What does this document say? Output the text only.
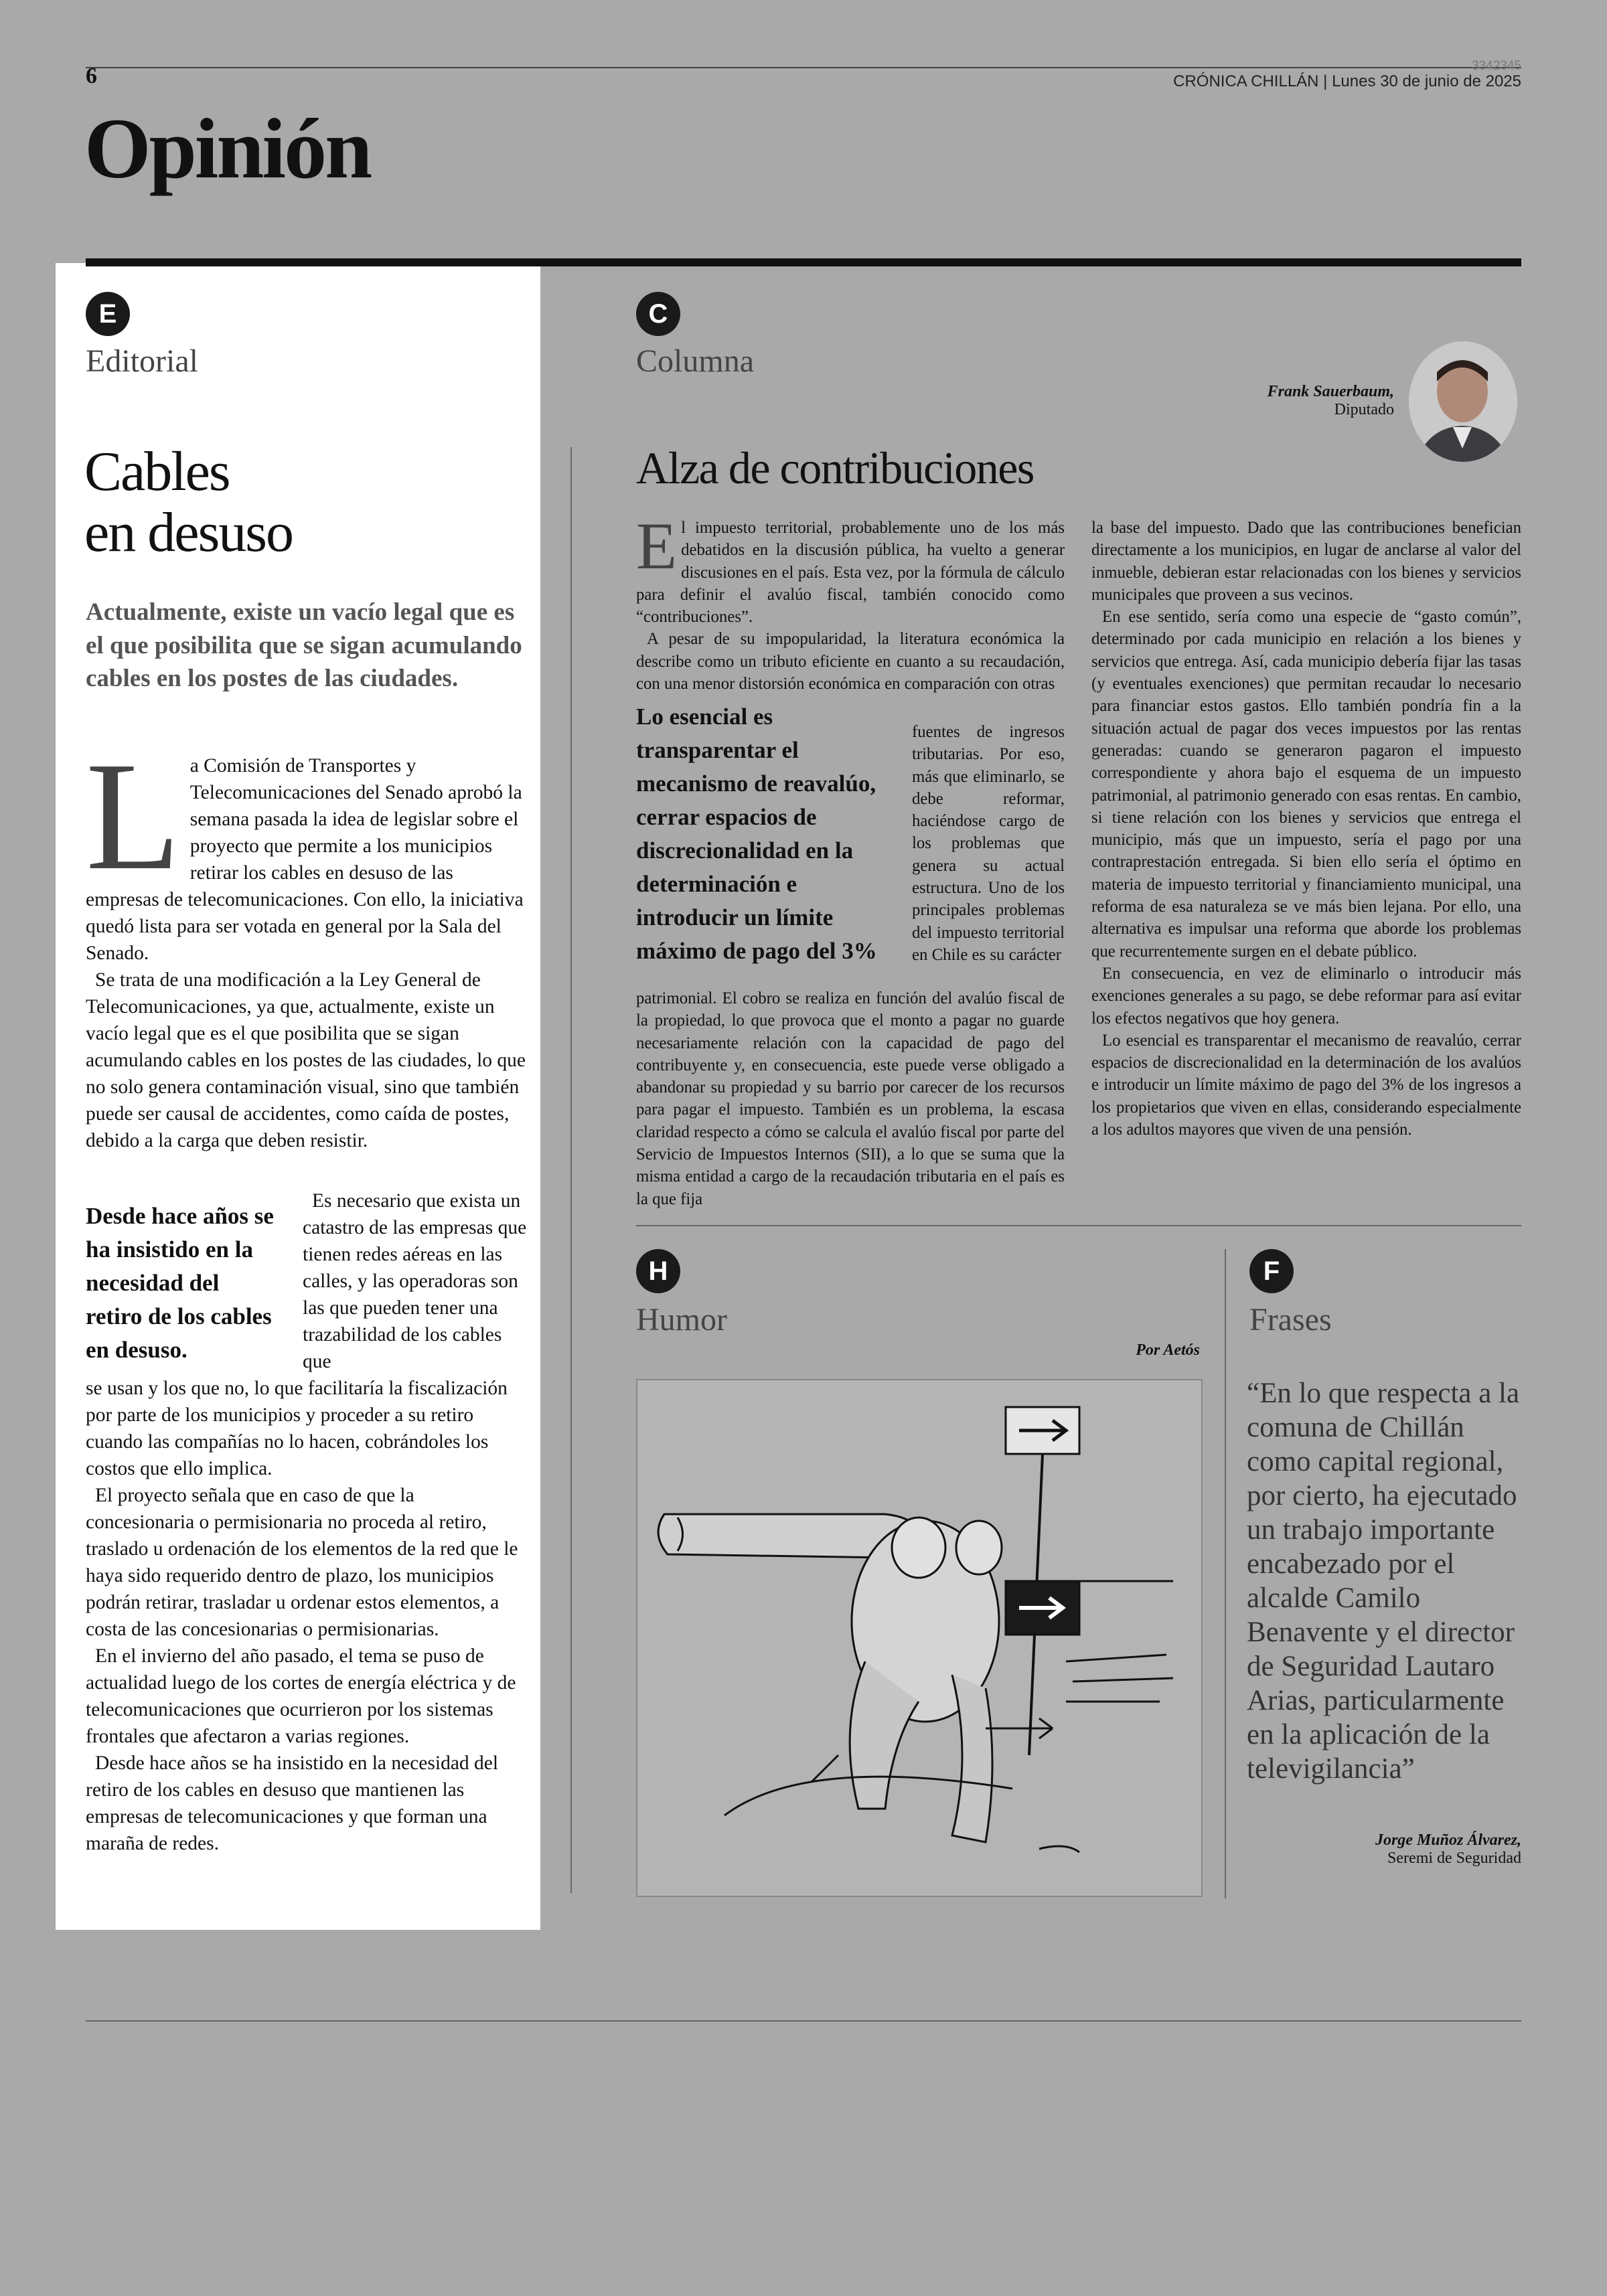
6	3342345
CRÓNICA CHILLÁN | Lunes 30 de junio de 2025
Opinión
E
Editorial
Cables
en desuso
Actualmente, existe un vacío legal que es el que posibilita que se sigan acumulando cables en los postes de las ciudades.
L a Comisión de Transportes y Telecomunicaciones del Senado aprobó la semana pasada la idea de legislar sobre el proyecto que permite a los municipios retirar los cables en desuso de las empresas de telecomunicaciones. Con ello, la iniciativa quedó lista para ser votada en general por la Sala del Senado.

Se trata de una modificación a la Ley General de Telecomunicaciones, ya que, actualmente, existe un vacío legal que es el que posibilita que se sigan acumulando cables en los postes de las ciudades, lo que no solo genera contaminación visual, sino que también puede ser causal de accidentes, como caída de postes, debido a la carga que deben resistir.

Desde hace años se ha insistido en la necesidad del retiro de los cables en desuso.

Es necesario que exista un catastro de las empresas que tienen redes aéreas en las calles, y las operadoras son las que pueden tener una trazabilidad de los cables que

se usan y los que no, lo que facilitaría la fiscalización por parte de los municipios y proceder a su retiro cuando las compañías no lo hacen, cobrándoles los costos que ello implica.

El proyecto señala que en caso de que la concesionaria o permisionaria no proceda al retiro, traslado u ordenación de los elementos de la red que le haya sido requerido dentro de plazo, los municipios podrán retirar, trasladar u ordenar estos elementos, a costa de las concesionarias o permisionarias.

En el invierno del año pasado, el tema se puso de actualidad luego de los cortes de energía eléctrica y de telecomunicaciones que ocurrieron por los sistemas frontales que afectaron a varias regiones.

Desde hace años se ha insistido en la necesidad del retiro de los cables en desuso que mantienen las empresas de telecomunicaciones y que forman una maraña de redes.

C
Columna
Frank Sauerbaum,
Diputado
Alza de contribuciones
E l impuesto territorial, probablemente uno de los más debatidos en la discusión pública, ha vuelto a generar discusiones en el país. Esta vez, por la fórmula de cálculo para definir el avalúo fiscal, también conocido como “contribuciones”.

A pesar de su impopularidad, la literatura económica la describe como un tributo eficiente en cuanto a su recaudación, con una menor distorsión económica en comparación con otras

Lo esencial es transparentar el mecanismo de reavalúo, cerrar espacios de discrecionalidad en la determinación e introducir un límite máximo de pago del 3%

fuentes de ingresos tributarias. Por eso, más que eliminarlo, se debe reformar, haciéndose cargo de los problemas que genera su actual estructura. Uno de los principales problemas del impuesto territorial en Chile es su carácter

patrimonial. El cobro se realiza en función del avalúo fiscal de la propiedad, lo que provoca que el monto a pagar no guarde necesariamente relación con la capacidad de pago del contribuyente y, en consecuencia, este puede verse obligado a abandonar su propiedad y su barrio por carecer de los recursos para pagar el impuesto. También es un problema, la escasa claridad respecto a cómo se calcula el avalúo fiscal por parte del Servicio de Impuestos Internos (SII), a lo que se suma que la misma entidad a cargo de la recaudación tributaria en el país es la que fija

la base del impuesto. Dado que las contribuciones benefician directamente a los municipios, en lugar de anclarse al valor del inmueble, debieran estar relacionadas con los bienes y servicios municipales que proveen a sus vecinos.

En ese sentido, sería como una especie de “gasto común”, determinado por cada municipio en relación a los bienes y servicios que entrega. Así, cada municipio debería fijar las tasas (y eventuales exenciones) que permitan recaudar lo necesario para financiar estos gastos. Ello también pondría fin a la situación actual de pagar dos veces impuestos por las rentas generadas: cuando se generaron pagaron el impuesto correspondiente y ahora bajo el esquema de un impuesto patrimonial, al patrimonio generado con esas rentas. En cambio, si tiene relación con los bienes y servicios que entrega el municipio, más que un impuesto, sería el pago por una contraprestación entregada. Si bien ello sería el óptimo en materia de impuesto territorial y financiamiento municipal, una reforma de esa naturaleza se ve más bien lejana. Por ello, una alternativa es impulsar una reforma que aborde los problemas que recurrentemente surgen en el debate público.

En consecuencia, en vez de eliminarlo o introducir más exenciones generales a su pago, se debe reformar para así evitar los efectos negativos que hoy genera.

Lo esencial es transparentar el mecanismo de reavalúo, cerrar espacios de discrecionalidad en la determinación de los avalúos e introducir un límite máximo de pago del 3% de los ingresos a los propietarios que viven en ellas, considerando especialmente a los adultos mayores que viven de una pensión.

H
Humor
Por Aetós
F
Frases
“En lo que respecta a la comuna de Chillán como capital regional, por cierto, ha ejecutado un trabajo importante encabezado por el alcalde Camilo Benavente y el director de Seguridad Lautaro Arias, particularmente en la aplicación de la televigilancia”
Jorge Muñoz Álvarez,
Seremi de Seguridad
